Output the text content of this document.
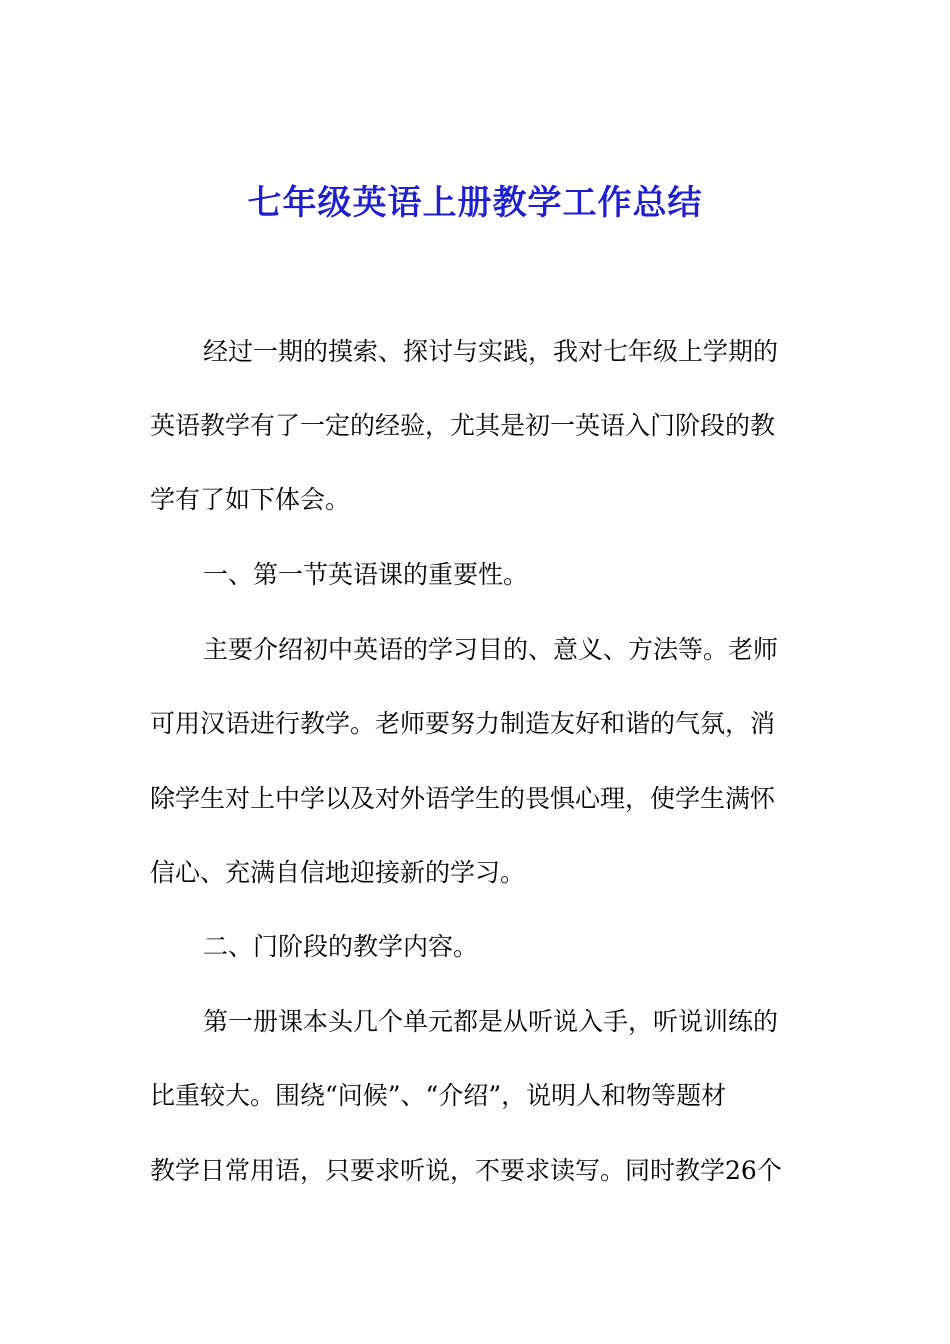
七年级英语上册教学工作总结
经过一期的摸索、探讨与实践，我对七年级上学期的
英语教学有了一定的经验，尤其是初一英语入门阶段的教
学有了如下体会。
一、第一节英语课的重要性。
主要介绍初中英语的学习目的、意义、方法等。老师
可用汉语进行教学。老师要努力制造友好和谐的气氛，消
除学生对上中学以及对外语学生的畏惧心理，使学生满怀
信心、充满自信地迎接新的学习。
二、门阶段的教学内容。
第一册课本头几个单元都是从听说入手，听说训练的
比重较大。围绕“问候”、“介绍”，说明人和物等题材
教学日常用语，只要求听说，不要求读写。同时教学26个
